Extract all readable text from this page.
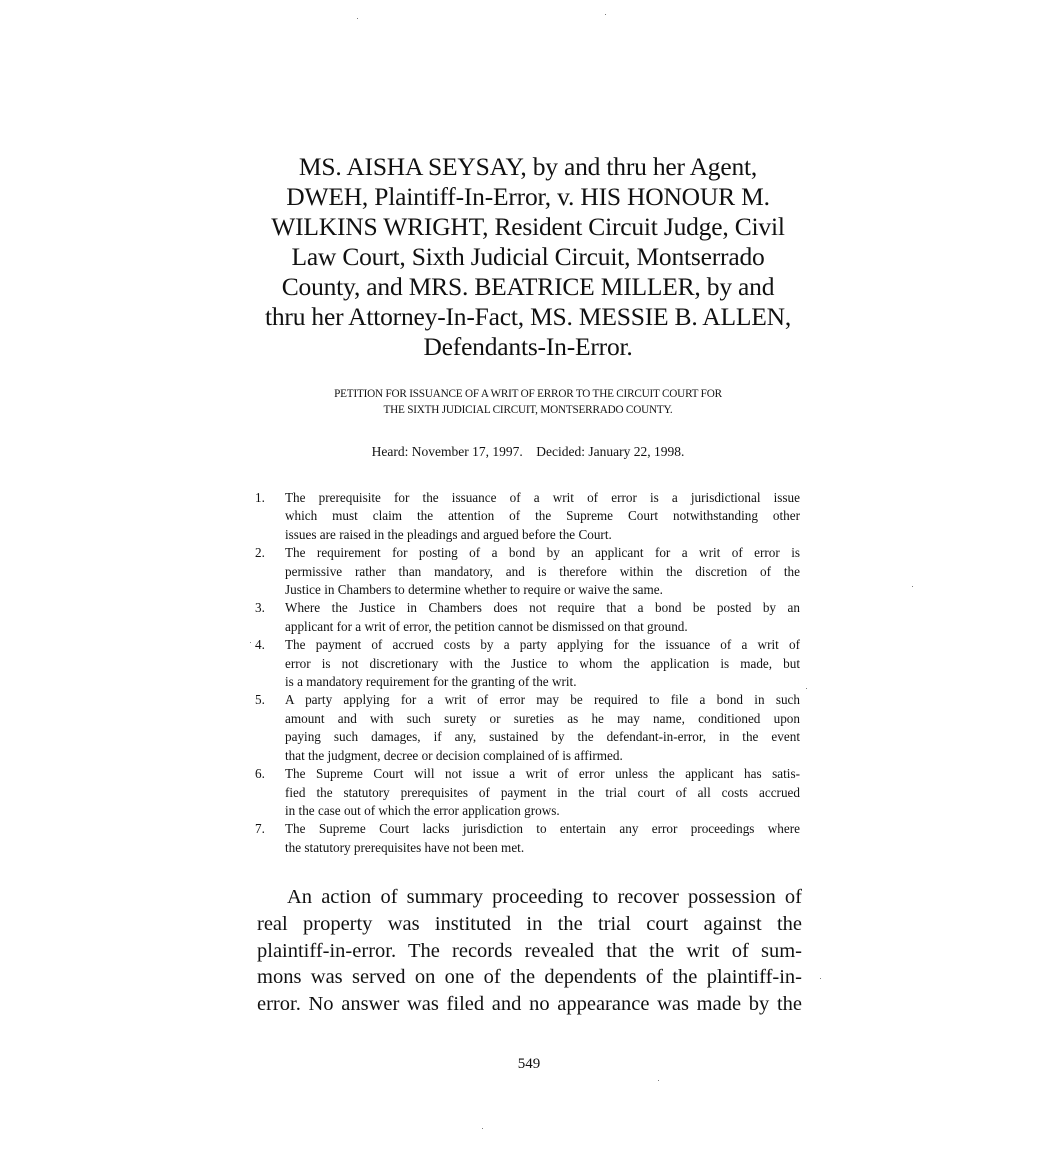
MS. AISHA SEYSAY, by and thru her Agent,
DWEH, Plaintiff-In-Error, v. HIS HONOUR M.
WILKINS WRIGHT, Resident Circuit Judge, Civil
Law Court, Sixth Judicial Circuit, Montserrado
County, and MRS. BEATRICE MILLER, by and
thru her Attorney-In-Fact, MS. MESSIE B. ALLEN,
Defendants-In-Error.
PETITION FOR ISSUANCE OF A WRIT OF ERROR TO THE CIRCUIT COURT FOR
THE SIXTH JUDICIAL CIRCUIT, MONTSERRADO COUNTY.
Heard: November 17, 1997. Decided: January 22, 1998.
1. The prerequisite for the issuance of a writ of error is a jurisdictional issue
which must claim the attention of the Supreme Court notwithstanding other
issues are raised in the pleadings and argued before the Court.
2. The requirement for posting of a bond by an applicant for a writ of error is
permissive rather than mandatory, and is therefore within the discretion of the
Justice in Chambers to determine whether to require or waive the same.
3. Where the Justice in Chambers does not require that a bond be posted by an
applicant for a writ of error, the petition cannot be dismissed on that ground.
4. The payment of accrued costs by a party applying for the issuance of a writ of
error is not discretionary with the Justice to whom the application is made, but
is a mandatory requirement for the granting of the writ.
5. A party applying for a writ of error may be required to file a bond in such
amount and with such surety or sureties as he may name, conditioned upon
paying such damages, if any, sustained by the defendant-in-error, in the event
that the judgment, decree or decision complained of is affirmed.
6. The Supreme Court will not issue a writ of error unless the applicant has satis-
fied the statutory prerequisites of payment in the trial court of all costs accrued
in the case out of which the error application grows.
7. The Supreme Court lacks jurisdiction to entertain any error proceedings where
the statutory prerequisites have not been met.
An action of summary proceeding to recover possession of
real property was instituted in the trial court against the
plaintiff-in-error. The records revealed that the writ of sum-
mons was served on one of the dependents of the plaintiff-in-
error. No answer was filed and no appearance was made by the
549
